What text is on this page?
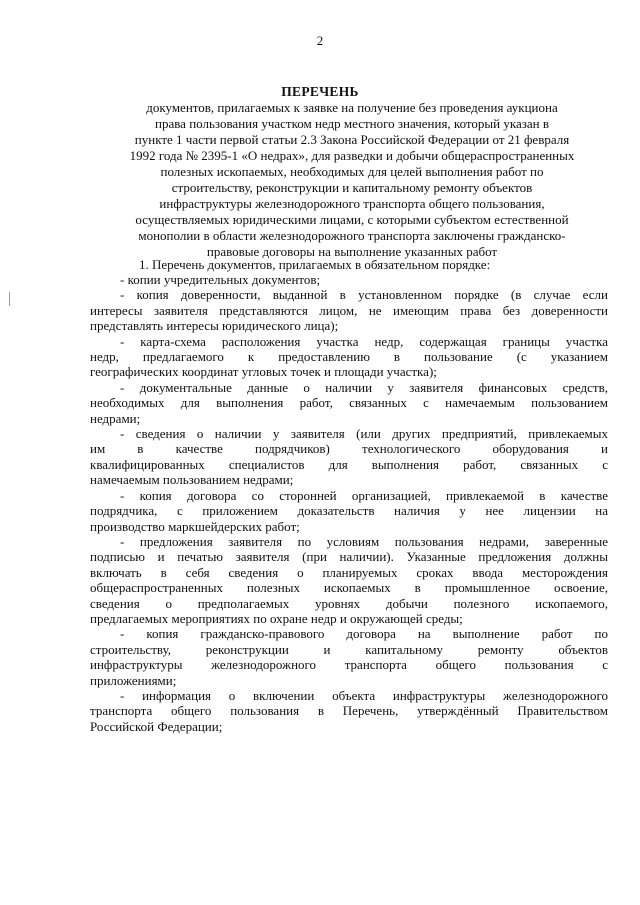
2
ПЕРЕЧЕНЬ
документов, прилагаемых к заявке на получение без проведения аукциона
права пользования участком недр местного значения, который указан в
пункте 1 части первой статьи 2.3 Закона Российской Федерации от 21 февраля
1992 года № 2395-1 «О недрах», для разведки и добычи общераспространенных
полезных ископаемых, необходимых для целей выполнения работ по
строительству, реконструкции и капитальному ремонту объектов
инфраструктуры железнодорожного транспорта общего пользования,
осуществляемых юридическими лицами, с которыми субъектом естественной
монополии в области железнодорожного транспорта заключены гражданско-
правовые договоры на выполнение указанных работ
1. Перечень документов, прилагаемых в обязательном порядке:
- копии учредительных документов;
- копия доверенности, выданной в установленном порядке (в случае если
интересы заявителя представляются лицом, не имеющим права без доверенности
представлять интересы юридического лица);
- карта-схема расположения участка недр, содержащая границы участка
недр, предлагаемого к предоставлению в пользование (с указанием
географических координат угловых точек и площади участка);
- документальные данные о наличии у заявителя финансовых средств,
необходимых для выполнения работ, связанных с намечаемым пользованием
недрами;
- сведения о наличии у заявителя (или других предприятий, привлекаемых
им в качестве подрядчиков) технологического оборудования и
квалифицированных специалистов для выполнения работ, связанных с
намечаемым пользованием недрами;
- копия договора со сторонней организацией, привлекаемой в качестве
подрядчика, с приложением доказательств наличия у нее лицензии на
производство маркшейдерских работ;
- предложения заявителя по условиям пользования недрами, заверенные
подписью и печатью заявителя (при наличии). Указанные предложения должны
включать в себя сведения о планируемых сроках ввода месторождения
общераспространенных полезных ископаемых в промышленное освоение,
сведения о предполагаемых уровнях добычи полезного ископаемого,
предлагаемых мероприятиях по охране недр и окружающей среды;
- копия гражданско-правового договора на выполнение работ по
строительству, реконструкции и капитальному ремонту объектов
инфраструктуры железнодорожного транспорта общего пользования с
приложениями;
- информация о включении объекта инфраструктуры железнодорожного
транспорта общего пользования в Перечень, утверждённый Правительством
Российской Федерации;
